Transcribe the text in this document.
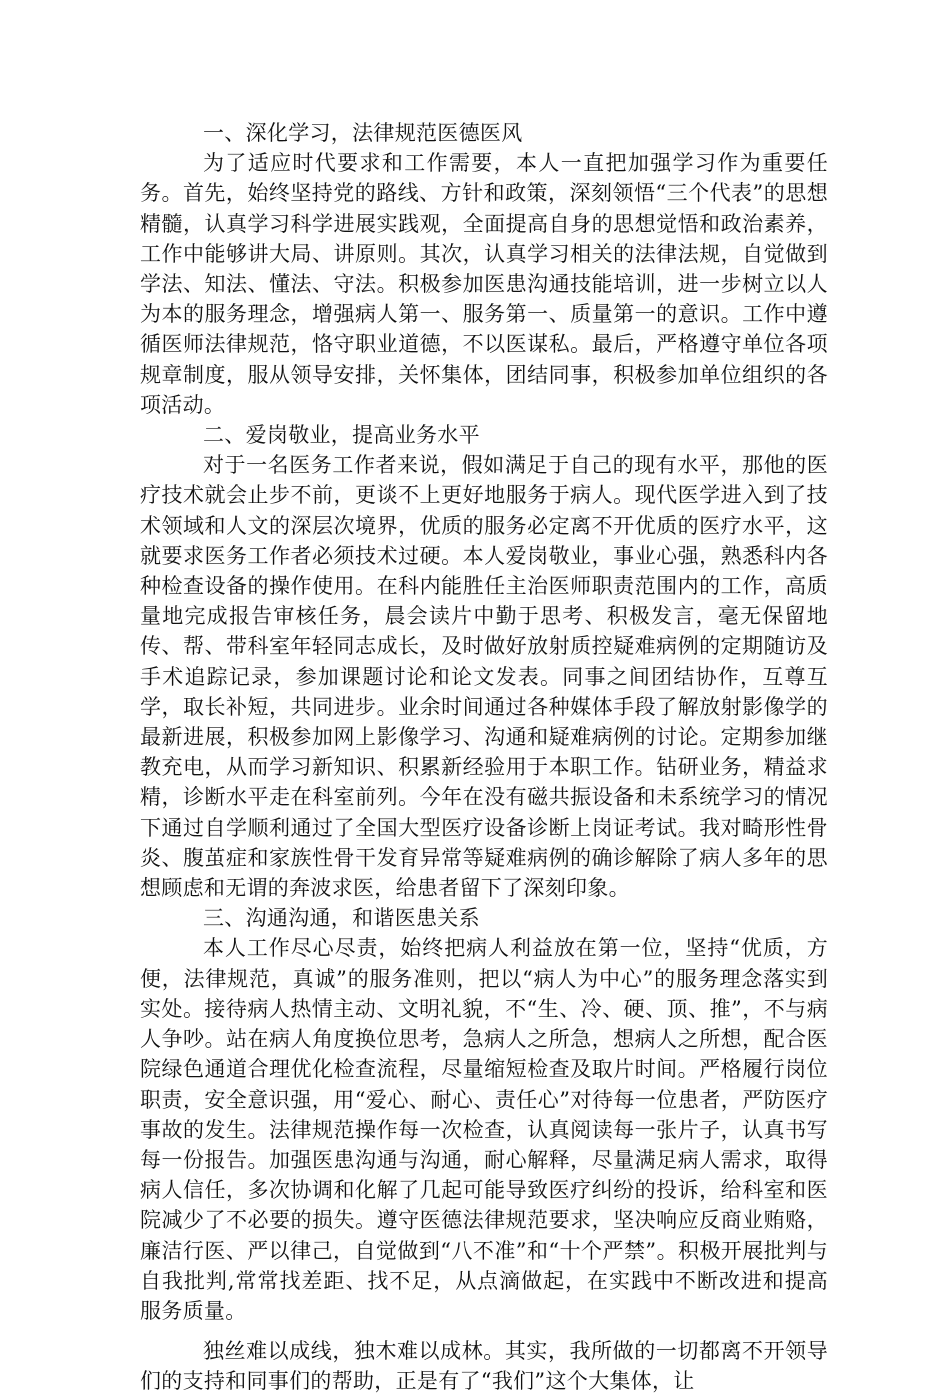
一、深化学习，法律规范医德医风

为了适应时代要求和工作需要，本人一直把加强学习作为重要任务。首先，始终坚持党的路线、方针和政策，深刻领悟“三个代表”的思想精髓，认真学习科学进展实践观，全面提高自身的思想觉悟和政治素养，工作中能够讲大局、讲原则。其次，认真学习相关的法律法规，自觉做到学法、知法、懂法、守法。积极参加医患沟通技能培训，进一步树立以人为本的服务理念，增强病人第一、服务第一、质量第一的意识。工作中遵循医师法律规范，恪守职业道德，不以医谋私。最后，严格遵守单位各项规章制度，服从领导安排，关怀集体，团结同事，积极参加单位组织的各项活动。

二、爱岗敬业，提高业务水平

对于一名医务工作者来说，假如满足于自己的现有水平，那他的医疗技术就会止步不前，更谈不上更好地服务于病人。现代医学进入到了技术领域和人文的深层次境界，优质的服务必定离不开优质的医疗水平，这就要求医务工作者必须技术过硬。本人爱岗敬业，事业心强，熟悉科内各种检查设备的操作使用。在科内能胜任主治医师职责范围内的工作，高质量地完成报告审核任务，晨会读片中勤于思考、积极发言，毫无保留地传、帮、带科室年轻同志成长，及时做好放射质控疑难病例的定期随访及手术追踪记录，参加课题讨论和论文发表。同事之间团结协作，互尊互学，取长补短，共同进步。业余时间通过各种媒体手段了解放射影像学的最新进展，积极参加网上影像学习、沟通和疑难病例的讨论。定期参加继教充电，从而学习新知识、积累新经验用于本职工作。钻研业务，精益求精，诊断水平走在科室前列。今年在没有磁共振设备和未系统学习的情况下通过自学顺利通过了全国大型医疗设备诊断上岗证考试。我对畸形性骨炎、腹茧症和家族性骨干发育异常等疑难病例的确诊解除了病人多年的思想顾虑和无谓的奔波求医，给患者留下了深刻印象。

三、沟通沟通，和谐医患关系

本人工作尽心尽责，始终把病人利益放在第一位，坚持“优质，方便，法律规范，真诚”的服务准则，把以“病人为中心”的服务理念落实到实处。接待病人热情主动、文明礼貌，不“生、冷、硬、顶、推”，不与病人争吵。站在病人角度换位思考，急病人之所急，想病人之所想，配合医院绿色通道合理优化检查流程，尽量缩短检查及取片时间。严格履行岗位职责，安全意识强，用“爱心、耐心、责任心”对待每一位患者，严防医疗事故的发生。法律规范操作每一次检查，认真阅读每一张片子，认真书写每一份报告。加强医患沟通与沟通，耐心解释，尽量满足病人需求，取得病人信任，多次协调和化解了几起可能导致医疗纠纷的投诉，给科室和医院减少了不必要的损失。遵守医德法律规范要求，坚决响应反商业贿赂，廉洁行医、严以律己，自觉做到“八不准”和“十个严禁”。积极开展批判与自我批判,常常找差距、找不足，从点滴做起，在实践中不断改进和提高服务质量。

独丝难以成线，独木难以成林。其实，我所做的一切都离不开领导们的支持和同事们的帮助，正是有了“我们”这个大集体，让
